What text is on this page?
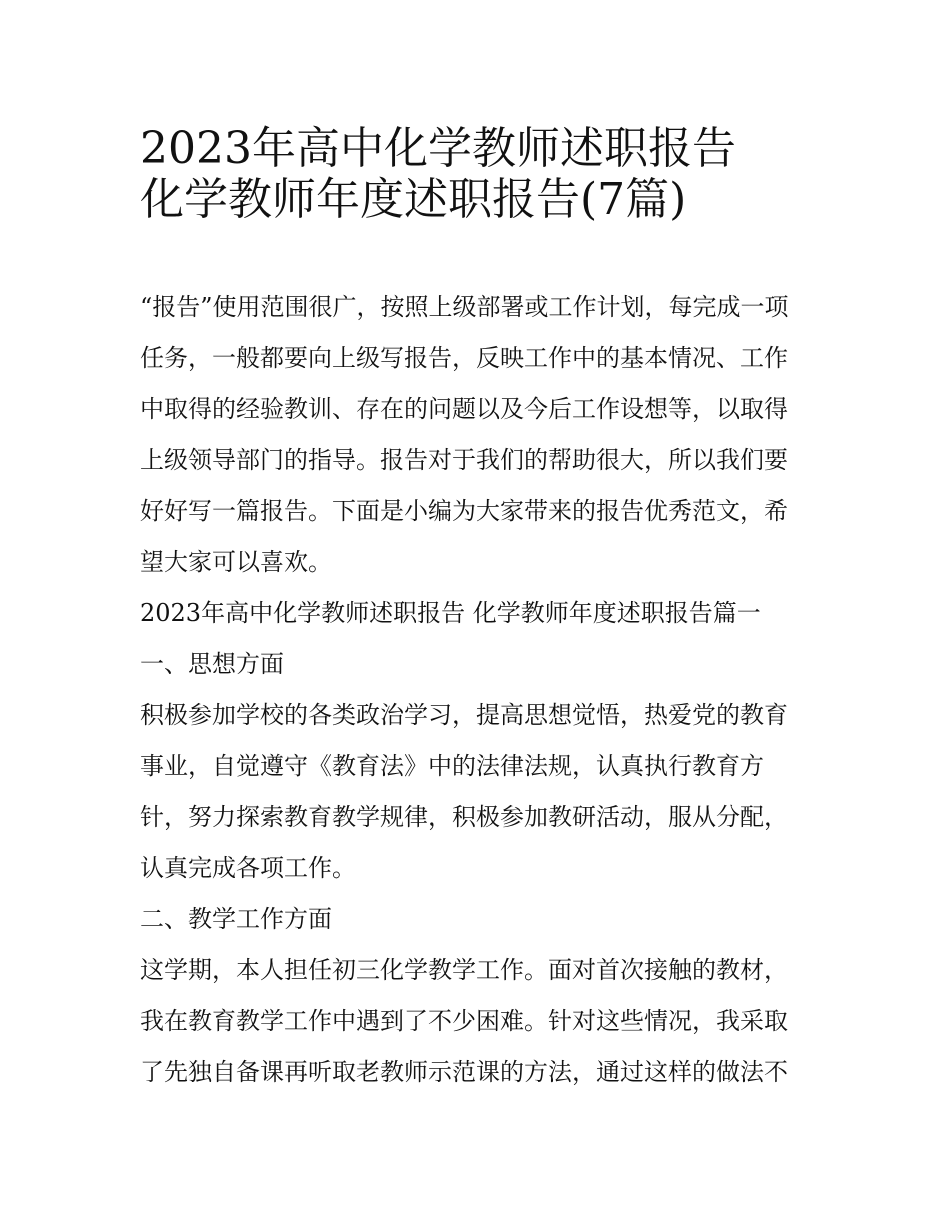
2023年高中化学教师述职报告
化学教师年度述职报告(7篇)
“报告”使用范围很广，按照上级部署或工作计划，每完成一项
任务，一般都要向上级写报告，反映工作中的基本情况、工作
中取得的经验教训、存在的问题以及今后工作设想等，以取得
上级领导部门的指导。报告对于我们的帮助很大，所以我们要
好好写一篇报告。下面是小编为大家带来的报告优秀范文，希
望大家可以喜欢。
2023年高中化学教师述职报告 化学教师年度述职报告篇一
一、思想方面
积极参加学校的各类政治学习，提高思想觉悟，热爱党的教育
事业，自觉遵守《教育法》中的法律法规，认真执行教育方
针，努力探索教育教学规律，积极参加教研活动，服从分配，
认真完成各项工作。
二、教学工作方面
这学期，本人担任初三化学教学工作。面对首次接触的教材，
我在教育教学工作中遇到了不少困难。针对这些情况，我采取
了先独自备课再听取老教师示范课的方法，通过这样的做法不
